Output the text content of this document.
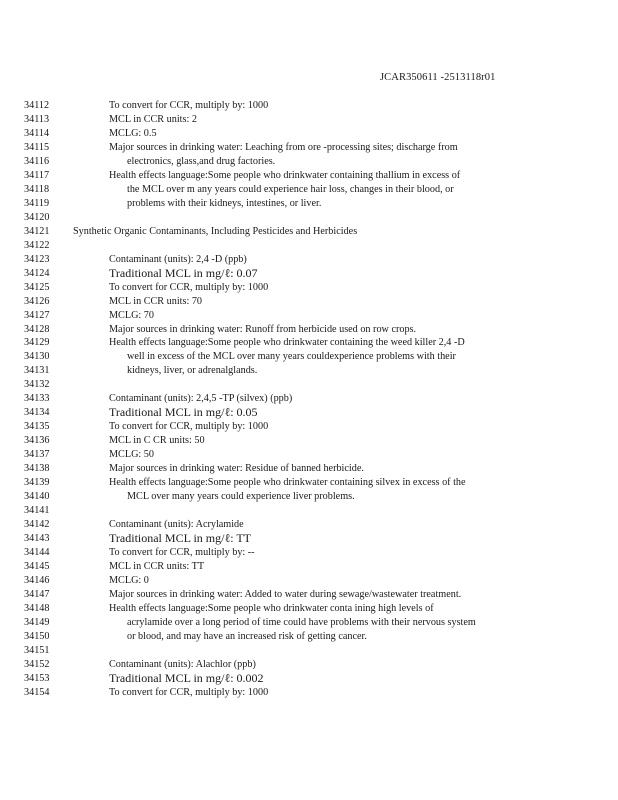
JCAR350611 -2513118r01
34112	To convert for CCR, multiply by: 1000
34113	MCL in CCR units: 2
34114	MCLG: 0.5
34115	Major sources in drinking water: Leaching from ore -processing sites; discharge from
34116	electronics, glass,and drug factories.
34117	Health effects language:Some people who drinkwater containing thallium in excess of
34118	the MCL over m any years could experience hair loss, changes in their blood, or
34119	problems with their kidneys, intestines, or liver.
34120
34121	Synthetic Organic Contaminants, Including Pesticides and Herbicides
34122
34123	Contaminant (units): 2,4 -D (ppb)
34124	Traditional MCL in mg/ℓ: 0.07
34125	To convert for CCR, multiply by: 1000
34126	MCL in CCR units: 70
34127	MCLG: 70
34128	Major sources in drinking water: Runoff from herbicide used on row crops.
34129	Health effects language:Some people who drinkwater containing the weed killer 2,4 -D
34130	well in excess of the MCL over many years couldexperience problems with their
34131	kidneys, liver, or adrenalglands.
34132
34133	Contaminant (units): 2,4,5 -TP (silvex) (ppb)
34134	Traditional MCL in mg/ℓ: 0.05
34135	To convert for CCR, multiply by: 1000
34136	MCL in C CR units: 50
34137	MCLG: 50
34138	Major sources in drinking water: Residue of banned herbicide.
34139	Health effects language:Some people who drinkwater containing silvex in excess of the
34140	MCL over many years could experience liver problems.
34141
34142	Contaminant (units): Acrylamide
34143	Traditional MCL in mg/ℓ: TT
34144	To convert for CCR, multiply by: --
34145	MCL in CCR units: TT
34146	MCLG: 0
34147	Major sources in drinking water: Added to water during sewage/wastewater treatment.
34148	Health effects language:Some people who drinkwater conta ining high levels of
34149	acrylamide over a long period of time could have problems with their nervous system
34150	or blood, and may have an increased risk of getting cancer.
34151
34152	Contaminant (units): Alachlor (ppb)
34153	Traditional MCL in mg/ℓ: 0.002
34154	To convert for CCR, multiply by: 1000
